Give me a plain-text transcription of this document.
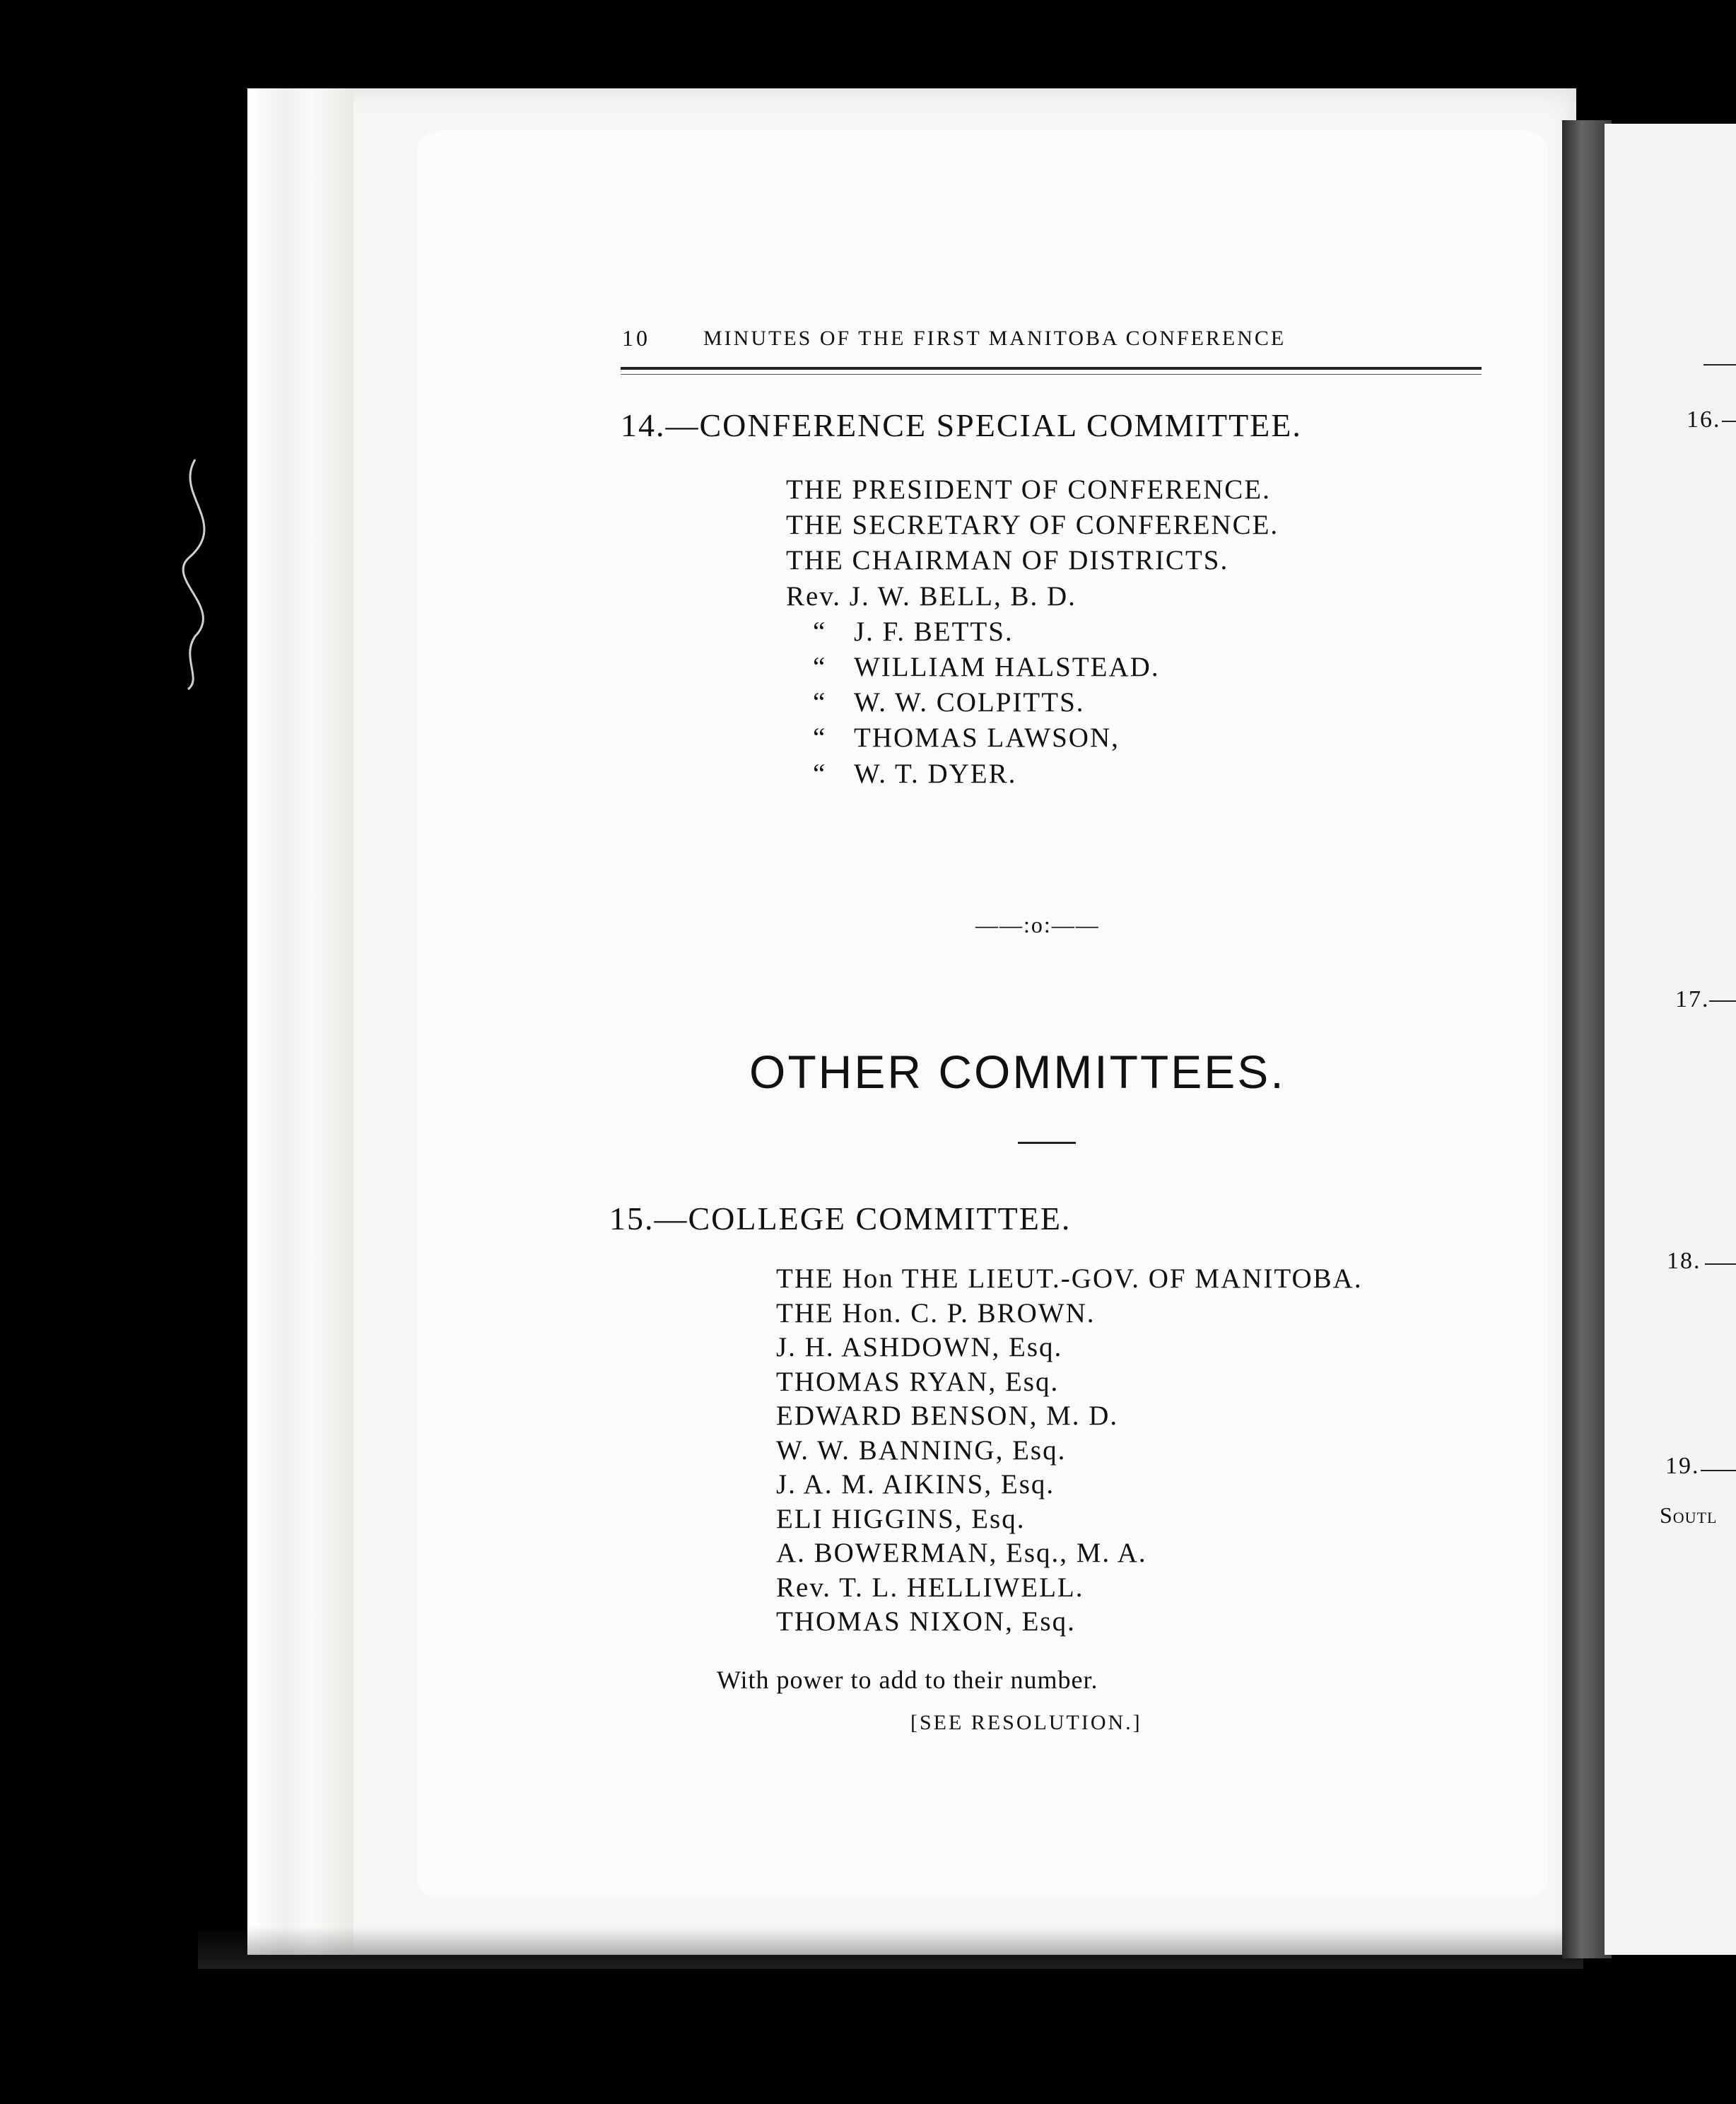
16.
17.
18.
19.
Soutl
10	MINUTES OF THE FIRST MANITOBA CONFERENCE
14.—CONFERENCE SPECIAL COMMITTEE.
THE PRESIDENT OF CONFERENCE.
THE SECRETARY OF CONFERENCE.
THE CHAIRMAN OF DISTRICTS.
Rev. J. W. BELL, B. D.
“ J. F. BETTS.
“ WILLIAM HALSTEAD.
“ W. W. COLPITTS.
“ THOMAS LAWSON,
“ W. T. DYER.
——:o:——
OTHER COMMITTEES.
15.—COLLEGE COMMITTEE.
THE Hon THE LIEUT.-GOV. OF MANITOBA.
THE Hon. C. P. BROWN.
J. H. ASHDOWN, Esq.
THOMAS RYAN, Esq.
EDWARD BENSON, M. D.
W. W. BANNING, Esq.
J. A. M. AIKINS, Esq.
ELI HIGGINS, Esq.
A. BOWERMAN, Esq., M. A.
Rev. T. L. HELLIWELL.
THOMAS NIXON, Esq.
With power to add to their number.
[SEE RESOLUTION.]
